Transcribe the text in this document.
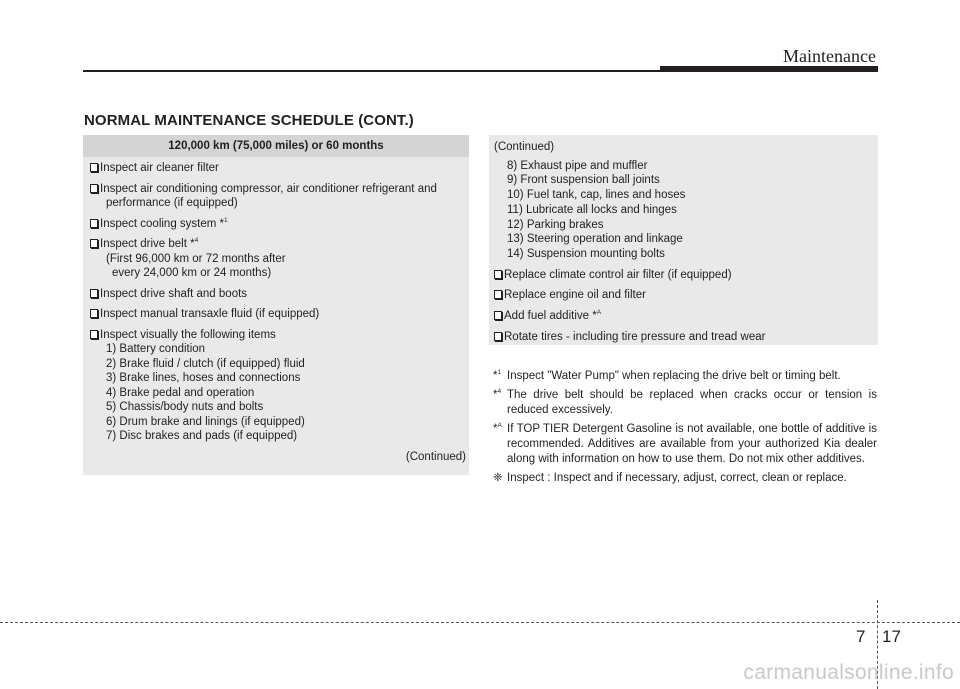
Maintenance
NORMAL MAINTENANCE SCHEDULE (CONT.)
120,000 km (75,000 miles) or 60 months
Inspect air cleaner filter
Inspect air conditioning compressor, air conditioner refrigerant and
performance (if equipped)
Inspect cooling system *$^1$
Inspect drive belt *$^4$
(First 96,000 km or 72 months after
every 24,000 km or 24 months)
Inspect drive shaft and boots
Inspect manual transaxle fluid (if equipped)
Inspect visually the following items
1) Battery condition
2) Brake fluid / clutch (if equipped) fluid
3) Brake lines, hoses and connections
4) Brake pedal and operation
5) Chassis/body nuts and bolts
6) Drum brake and linings (if equipped)
7) Disc brakes and pads (if equipped)
(Continued)
(Continued)
8) Exhaust pipe and muffler
9) Front suspension ball joints
10) Fuel tank, cap, lines and hoses
11) Lubricate all locks and hinges
12) Parking brakes
13) Steering operation and linkage
14) Suspension mounting bolts
Replace climate control air filter (if equipped)
Replace engine oil and filter
Add fuel additive *$^A$
Rotate tires - including tire pressure and tread wear
*$^1$ Inspect "Water Pump" when replacing the drive belt or timing belt.
*$^4$ The drive belt should be replaced when cracks occur or tension is reduced excessively.
*$^A$ If TOP TIER Detergent Gasoline is not available, one bottle of additive is recommended. Additives are available from your authorized Kia dealer along with information on how to use them. Do not mix other additives.
❈ Inspect : Inspect and if necessary, adjust, correct, clean or replace.
7 17
carmanualsonline.info
